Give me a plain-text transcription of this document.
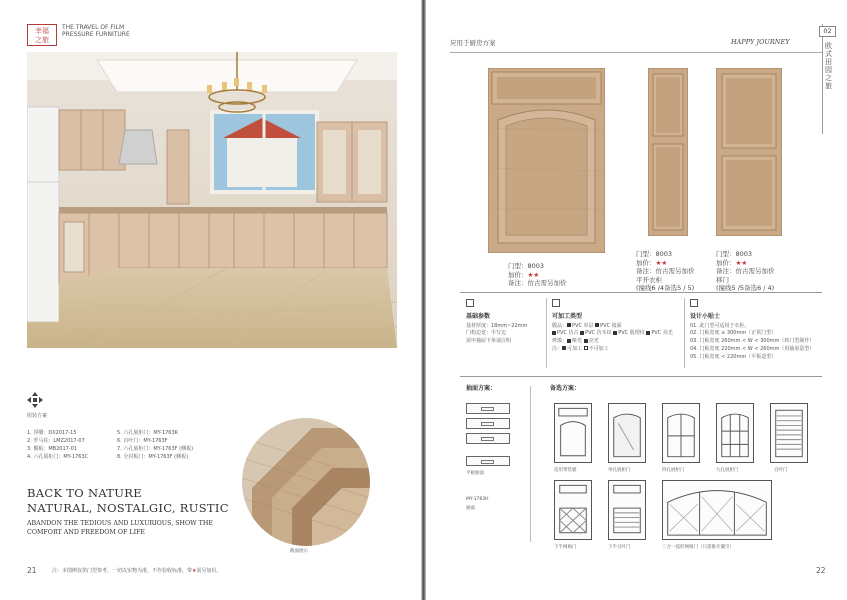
幸福
之旅
THE TRAVEL OF FILM PRESSURE FURNITURE
组装方案
1. 浮雕：DX2017-15
2. 罗马柱：LMZ2017-07
3. 楣板：MB2017-01
4. 六孔展柜门：MY-1763C
5. 六孔展柜门：MY-1763K
6. 百叶门：MY-1763F
7. 六孔展柜门：MY-1763F (侧板)
8. 全封板门：MY-1763F (侧板)
BACK TO NATURE
NATURAL, NOSTALGIC, RUSTIC
ABANDON THE TEDIOUS AND LUXURIOUS, SHOW THE COMFORT AND FREEDOM OF LIFE
截面展示
21	注：本图例仅供门型参考，一切以实物为准，不作验收标准。带★需另加价。
应用于厨房方案	HAPPY JOURNEY
02
欧式田园之旅
门型：8003
加价：★★
备注：仿古需另加价
门型：8003
加价：★★
备注：仿古需另加价
平开衣柜
(撞线6 /4备选5 / 5)
门型：8003
加价：★★
备注：仿古需另加价
移门
(撞线5 /5备选6 / 4)
基础参数
基材厚度：18mm~22mm
门构边宽：手写边
需申抽屉下单请注明
可加工类型
膜品： PVC 单层 PVC 镜面
PVC 仿古 PVC 仿木纹 PVC 肌理纹 PVC 亮光
烤漆： 哑光 亮光
注： 可加工 不可加工
设计小贴士
01. 此门型可适用于衣柜。
02. 门板宽度 ≥ 300mm（正常门型）
03. 门板宽度 260mm < W < 300mm（转门型制作）
04. 门板宽度 220mm < W < 260mm（用抽屉造型）
05. 门板宽度 < 220mm（平板造型）
抽面方案：
平板抽面
MY-1763H
抽面
备选方案：
适用带装板	单孔展柜门	四孔展柜门	九孔展柜门	百叶门
下半网格门	下半百叶门	三合一弧形网格门（只需推开覆空）
22
